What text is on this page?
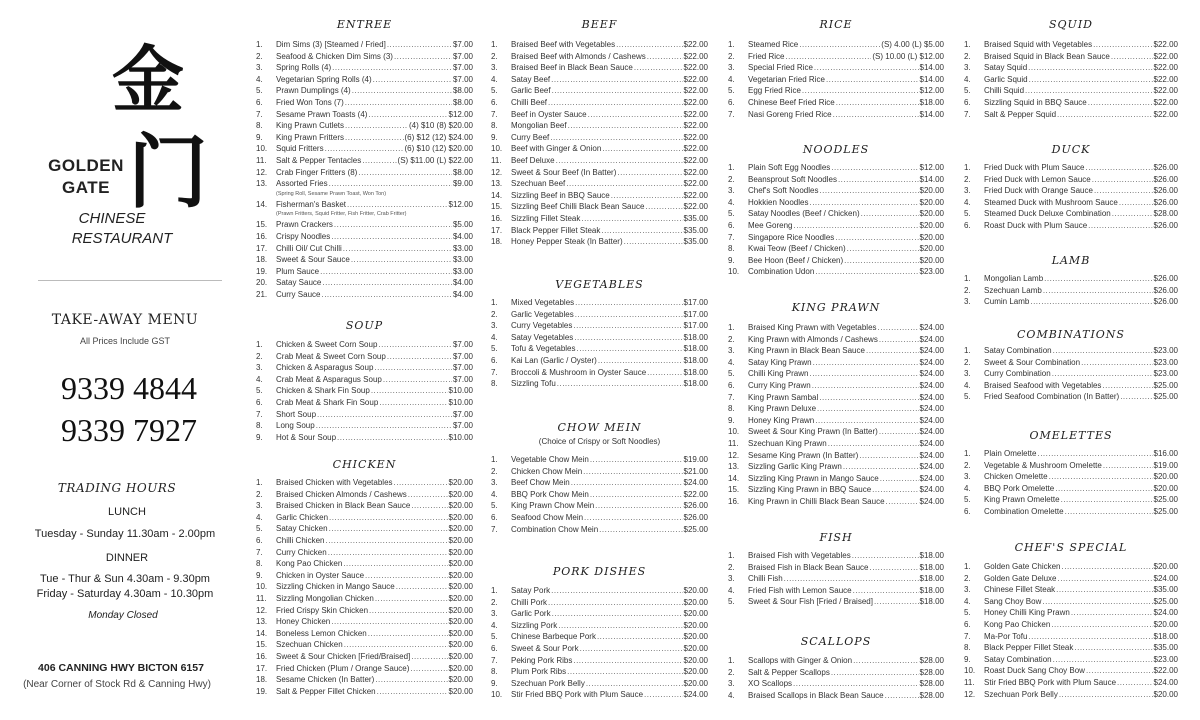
金
门
GOLDEN
GATE
CHINESE
RESTAURANT
TAKE-AWAY MENU
All Prices Include GST
9339 4844
9339 7927
TRADING HOURS
LUNCH
Tuesday - Sunday 11.30am - 2.00pm
DINNER
Tue - Thur & Sun 4.30am - 9.30pm
Friday - Saturday 4.30am - 10.30pm
Monday Closed
406 CANNING HWY BICTON 6157
(Near Corner of Stock Rd & Canning Hwy)
ENTREE
1.	Dim Sims (3) [Steamed / Fried] .....	$7.00
2.	Seafood & Chicken Dim Sims (3) .....	$7.00
3.	Spring Rolls (4) .....	$7.00
4.	Vegetarian Spring Rolls (4) .....	$7.00
5.	Prawn Dumplings (4) .....	$8.00
6.	Fried Won Tons (7) .....	$8.00
7.	Sesame Prawn Toasts (4) .....	$12.00
8.	King Prawn Cutlets .....	(4) $10 (8) $20.00
9.	King Prawn Fritters .....	(6) $12 (12) $24.00
10.	Squid Fritters .....	(6) $10 (12) $20.00
11.	Salt & Pepper Tentacles .....	(S) $11.00 (L) $22.00
12.	Crab Finger Fritters (8) .....	$8.00
13.	Assorted Fries .....	$9.00
(Spring Roll, Sesame Prawn Toast, Won Ton)
14.	Fisherman's Basket .....	$12.00
(Prawn Fritters, Squid Fritter, Fish Fritter, Crab Fritter)
15.	Prawn Crackers .....	$5.00
16.	Crispy Noodles .....	$4.00
17.	Chilli Oil/ Cut Chilli .....	$3.00
18.	Sweet & Sour Sauce .....	$3.00
19.	Plum Sauce .....	$3.00
20.	Satay Sauce .....	$4.00
21.	Curry Sauce .....	$4.00
SOUP
1.	Chicken & Sweet Corn Soup .....	$7.00
2.	Crab Meat & Sweet Corn Soup .....	$7.00
3.	Chicken & Asparagus Soup .....	$7.00
4.	Crab Meat & Asparagus Soup .....	$7.00
5.	Chicken & Shark Fin Soup .....	$10.00
6.	Crab Meat & Shark Fin Soup .....	$10.00
7.	Short Soup .....	$7.00
8.	Long Soup .....	$7.00
9.	Hot & Sour Soup .....	$10.00
CHICKEN
1.	Braised Chicken with Vegetables .....	$20.00
2.	Braised Chicken Almonds / Cashews .....	$20.00
3.	Braised Chicken in Black Bean Sauce .....	$20.00
4.	Garlic Chicken .....	$20.00
5.	Satay Chicken .....	$20.00
6.	Chilli Chicken .....	$20.00
7.	Curry Chicken .....	$20.00
8.	Kong Pao Chicken .....	$20.00
9.	Chicken in Oyster Sauce .....	$20.00
10.	Sizzling Chicken in Mango Sauce .....	$20.00
11.	Sizzling Mongolian Chicken .....	$20.00
12.	Fried Crispy Skin Chicken .....	$20.00
13.	Honey Chicken .....	$20.00
14.	Boneless Lemon Chicken .....	$20.00
15.	Szechuan Chicken .....	$20.00
16.	Sweet & Sour Chicken [Fried/Braised] .....	$20.00
17.	Fried Chicken (Plum / Orange Sauce) .....	$20.00
18.	Sesame Chicken (In Batter) .....	$20.00
19.	Salt & Pepper Fillet Chicken .....	$20.00
BEEF
1.	Braised Beef with Vegetables .....	$22.00
2.	Braised Beef with Almonds / Cashews .....	$22.00
3.	Braised Beef in Black Bean Sauce .....	$22.00
4.	Satay Beef .....	$22.00
5.	Garlic Beef .....	$22.00
6.	Chilli Beef .....	$22.00
7.	Beef in Oyster Sauce .....	$22.00
8.	Mongolian Beef .....	$22.00
9.	Curry Beef .....	$22.00
10.	Beef with Ginger & Onion .....	$22.00
11.	Beef Deluxe .....	$22.00
12.	Sweet & Sour Beef (In Batter) .....	$22.00
13.	Szechuan Beef .....	$22.00
14.	Sizzling Beef in BBQ Sauce .....	$22.00
15.	Sizzling Beef Chilli Black Bean Sauce .....	$22.00
16.	Sizzling Fillet Steak .....	$35.00
17.	Black Pepper Fillet Steak .....	$35.00
18.	Honey Pepper Steak (In Batter) .....	$35.00
VEGETABLES
1.	Mixed Vegetables .....	$17.00
2.	Garlic Vegetables .....	$17.00
3.	Curry Vegetables .....	$17.00
4.	Satay Vegetables .....	$18.00
5.	Tofu & Vegetables .....	$18.00
6.	Kai Lan (Garlic / Oyster) .....	$18.00
7.	Broccoli & Mushroom in Oyster Sauce .....	$18.00
8.	Sizzling Tofu .....	$18.00
CHOW MEIN
(Choice of Crispy or Soft Noodles)
1.	Vegetable Chow Mein .....	$19.00
2.	Chicken Chow Mein .....	$21.00
3.	Beef Chow Mein .....	$24.00
4.	BBQ Pork Chow Mein .....	$22.00
5.	King Prawn Chow Mein .....	$26.00
6.	Seafood Chow Mein .....	$26.00
7.	Combination Chow Mein .....	$25.00
PORK DISHES
1.	Satay Pork .....	$20.00
2.	Chilli Pork .....	$20.00
3.	Garlic Pork .....	$20.00
4.	Sizzling Pork .....	$20.00
5.	Chinese Barbeque Pork .....	$20.00
6.	Sweet & Sour Pork .....	$20.00
7.	Peking Pork Ribs .....	$20.00
8.	Plum Pork Ribs .....	$20.00
9.	Szechuan Pork Belly .....	$20.00
10.	Stir Fried BBQ Pork with Plum Sauce .....	$24.00
RICE
1.	Steamed Rice .....	(S) 4.00 (L) $5.00
2.	Fried Rice .....	(S) 10.00 (L) $12.00
3.	Special Fried Rice .....	$14.00
4.	Vegetarian Fried Rice .....	$14.00
5.	Egg Fried Rice .....	$12.00
6.	Chinese Beef Fried Rice .....	$18.00
7.	Nasi Goreng Fried Rice .....	$14.00
NOODLES
1.	Plain Soft Egg Noodles .....	$12.00
2.	Beansprout Soft Noodles .....	$14.00
3.	Chef's Soft Noodles .....	$20.00
4.	Hokkien Noodles .....	$20.00
5.	Satay Noodles (Beef / Chicken) .....	$20.00
6.	Mee Goreng .....	$20.00
7.	Singapore Rice Noodles .....	$20.00
8.	Kwai Teow (Beef / Chicken) .....	$20.00
9.	Bee Hoon (Beef / Chicken) .....	$20.00
10.	Combination Udon .....	$23.00
KING PRAWN
1.	Braised King Prawn with Vegetables .....	$24.00
2.	King Prawn with Almonds / Cashews .....	$24.00
3.	King Prawn in Black Bean Sauce .....	$24.00
4.	Satay King Prawn .....	$24.00
5.	Chilli King Prawn .....	$24.00
6.	Curry King Prawn .....	$24.00
7.	King Prawn Sambal .....	$24.00
8.	King Prawn Deluxe .....	$24.00
9.	Honey King Prawn .....	$24.00
10.	Sweet & Sour King Prawn (In Batter) .....	$24.00
11.	Szechuan King Prawn .....	$24.00
12.	Sesame King Prawn (In Batter) .....	$24.00
13.	Sizzling Garlic King Prawn .....	$24.00
14.	Sizzling King Prawn in Mango Sauce .....	$24.00
15.	Sizzling King Prawn in BBQ Sauce .....	$24.00
16.	King Prawn in Chilli Black Bean Sauce .....	$24.00
FISH
1.	Braised Fish with Vegetables .....	$18.00
2.	Braised Fish in Black Bean Sauce .....	$18.00
3.	Chilli Fish .....	$18.00
4.	Fried Fish with Lemon Sauce .....	$18.00
5.	Sweet & Sour Fish [Fried / Braised] .....	$18.00
SCALLOPS
1.	Scallops with Ginger & Onion .....	$28.00
2.	Salt & Pepper Scallops .....	$28.00
3.	XO Scallops .....	$28.00
4.	Braised Scallops in Black Bean Sauce .....	$28.00
SQUID
1.	Braised Squid with Vegetables .....	$22.00
2.	Braised Squid in Black Bean Sauce .....	$22.00
3.	Satay Squid .....	$22.00
4.	Garlic Squid .....	$22.00
5.	Chilli Squid .....	$22.00
6.	Sizzling Squid in BBQ Sauce .....	$22.00
7.	Salt & Pepper Squid .....	$22.00
DUCK
1.	Fried Duck with Plum Sauce .....	$26.00
2.	Fried Duck with Lemon Sauce .....	$26.00
3.	Fried Duck with Orange Sauce .....	$26.00
4.	Steamed Duck with Mushroom Sauce .....	$26.00
5.	Steamed Duck Deluxe Combination .....	$28.00
6.	Roast Duck with Plum Sauce .....	$26.00
LAMB
1.	Mongolian Lamb .....	$26.00
2.	Szechuan Lamb .....	$26.00
3.	Cumin Lamb .....	$26.00
COMBINATIONS
1.	Satay Combination .....	$23.00
2.	Sweet & Sour Combination .....	$23.00
3.	Curry Combination .....	$23.00
4.	Braised Seafood with Vegetables .....	$25.00
5.	Fried Seafood Combination (In Batter) .....	$25.00
OMELETTES
1.	Plain Omelette .....	$16.00
2.	Vegetable & Mushroom Omelette .....	$19.00
3.	Chicken Omelette .....	$20.00
4.	BBQ Pork Omelette .....	$20.00
5.	King Prawn Omelette .....	$25.00
6.	Combination Omelette .....	$25.00
CHEF'S SPECIAL
1.	Golden Gate Chicken .....	$20.00
2.	Golden Gate Deluxe .....	$24.00
3.	Chinese Fillet Steak .....	$35.00
4.	Sang Choy Bow .....	$25.00
5.	Honey Chilli King Prawn .....	$24.00
6.	Kong Pao Chicken .....	$20.00
7.	Ma-Por Tofu .....	$18.00
8.	Black Pepper Fillet Steak .....	$35.00
9.	Satay Combination .....	$23.00
10.	Roast Duck Sang Choy Bow .....	$22.00
11.	Stir Fried BBQ Pork with Plum Sauce .....	$24.00
12.	Szechuan Pork Belly .....	$20.00
